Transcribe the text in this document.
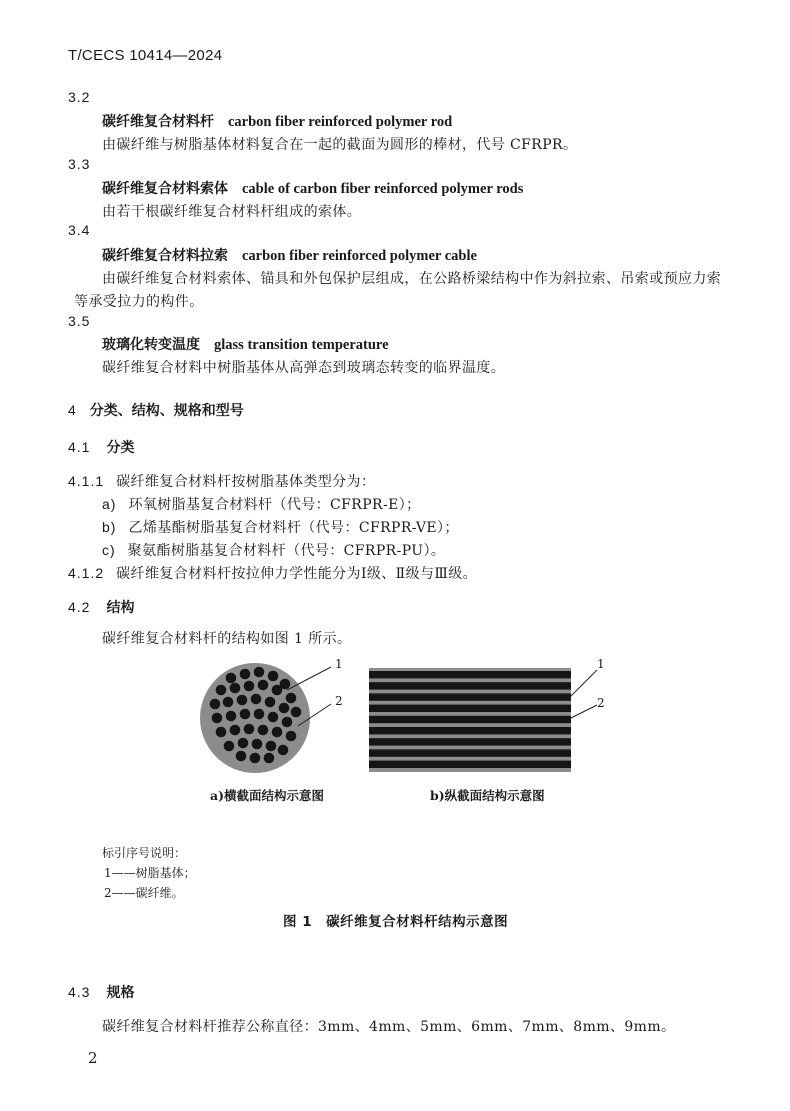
T/CECS 10414—2024
3.2
碳纤维复合材料杆 carbon fiber reinforced polymer rod
由碳纤维与树脂基体材料复合在一起的截面为圆形的棒材，代号 CFRPR。
3.3
碳纤维复合材料索体 cable of carbon fiber reinforced polymer rods
由若干根碳纤维复合材料杆组成的索体。
3.4
碳纤维复合材料拉索 carbon fiber reinforced polymer cable
由碳纤维复合材料索体、锚具和外包保护层组成，在公路桥梁结构中作为斜拉索、吊索或预应力索
等承受拉力的构件。
3.5
玻璃化转变温度 glass transition temperature
碳纤维复合材料中树脂基体从高弹态到玻璃态转变的临界温度。
4 分类、结构、规格和型号
4.1 分类
4.1.1 碳纤维复合材料杆按树脂基体类型分为：
a) 环氧树脂基复合材料杆（代号：CFRPR-E）；
b) 乙烯基酯树脂基复合材料杆（代号：CFRPR-VE）；
c) 聚氨酯树脂基复合材料杆（代号：CFRPR-PU）。
4.1.2 碳纤维复合材料杆按拉伸力学性能分为Ⅰ级、Ⅱ级与Ⅲ级。
4.2 结构
碳纤维复合材料杆的结构如图 1 所示。
1
2
a)横截面结构示意图
1
2
b)纵截面结构示意图
标引序号说明：
1——树脂基体；
2——碳纤维。
图 1　碳纤维复合材料杆结构示意图
4.3 规格
碳纤维复合材料杆推荐公称直径：3mm、4mm、5mm、6mm、7mm、8mm、9mm。
2
